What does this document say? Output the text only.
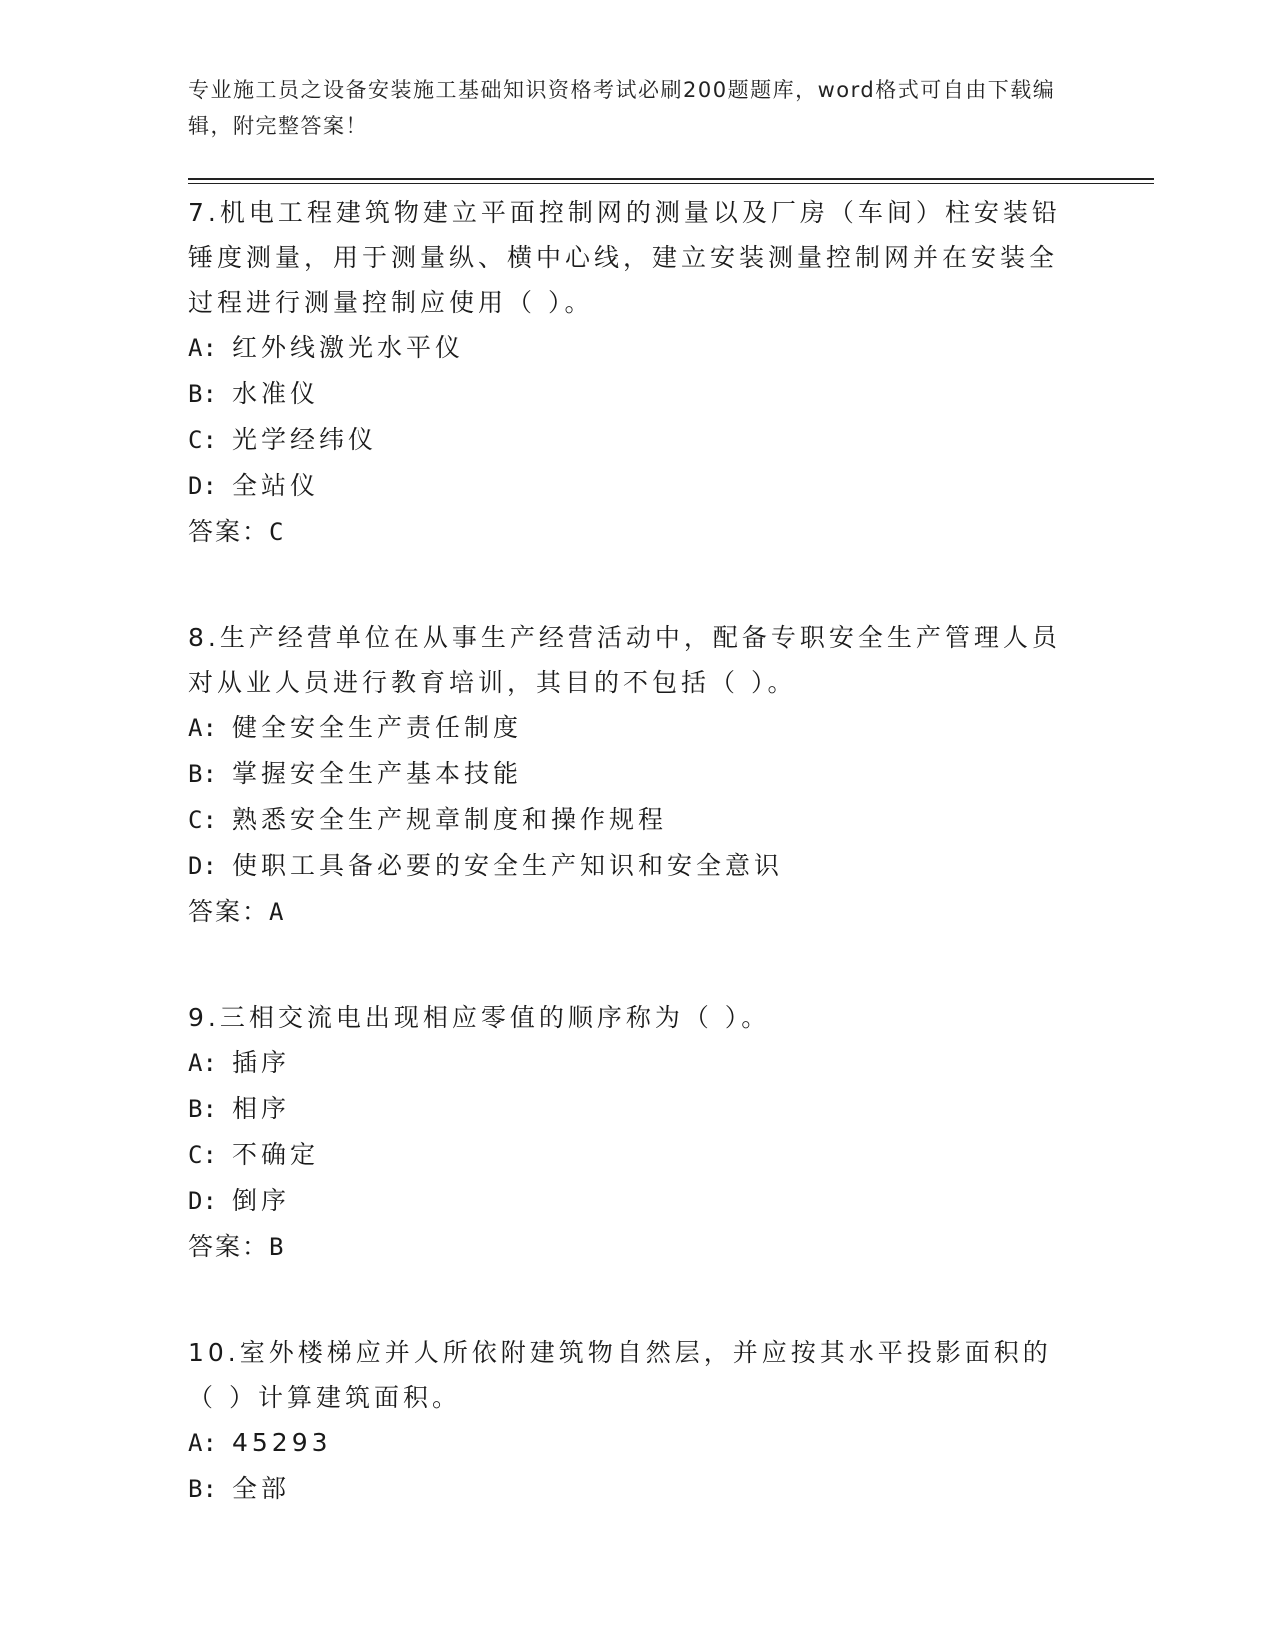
专业施工员之设备安装施工基础知识资格考试必刷200题题库，word格式可自由下载编辑，附完整答案！

7.机电工程建筑物建立平面控制网的测量以及厂房（车间）柱安装铅锤度测量，用于测量纵、横中心线，建立安装测量控制网并在安装全过程进行测量控制应使用（ ）。

A: 红外线激光水平仪

B: 水准仪

C: 光学经纬仪

D: 全站仪

答案：C

8.生产经营单位在从事生产经营活动中，配备专职安全生产管理人员对从业人员进行教育培训，其目的不包括（ ）。

A: 健全安全生产责任制度

B: 掌握安全生产基本技能

C: 熟悉安全生产规章制度和操作规程

D: 使职工具备必要的安全生产知识和安全意识

答案：A

9.三相交流电出现相应零值的顺序称为（ ）。

A: 插序

B: 相序

C: 不确定

D: 倒序

答案：B

10.室外楼梯应并人所依附建筑物自然层，并应按其水平投影面积的（ ）计算建筑面积。

A: 45293

B: 全部
